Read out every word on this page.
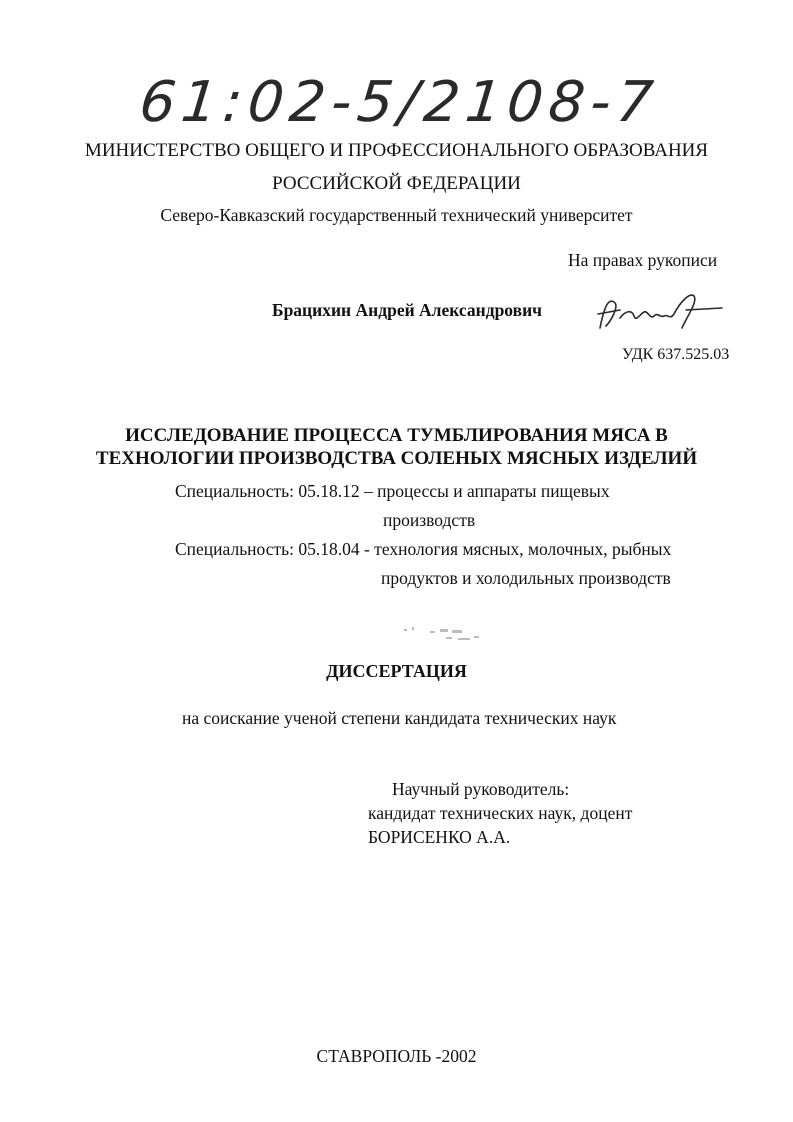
61:02-5/2108-7
МИНИСТЕРСТВО ОБЩЕГО И ПРОФЕССИОНАЛЬНОГО ОБРАЗОВАНИЯ
РОССИЙСКОЙ ФЕДЕРАЦИИ
Северо-Кавказский государственный технический университет
На правах рукописи
Брацихин Андрей Александрович
УДК 637.525.03
ИССЛЕДОВАНИЕ ПРОЦЕССА ТУМБЛИРОВАНИЯ МЯСА В
ТЕХНОЛОГИИ ПРОИЗВОДСТВА СОЛЕНЫХ МЯСНЫХ ИЗДЕЛИЙ
Специальность: 05.18.12 – процессы и аппараты пищевых
производств
Специальность: 05.18.04 - технология мясных, молочных, рыбных
продуктов и холодильных производств
ДИССЕРТАЦИЯ
на соискание ученой степени кандидата технических наук
Научный руководитель:
кандидат технических наук, доцент
БОРИСЕНКО А.А.
СТАВРОПОЛЬ -2002
